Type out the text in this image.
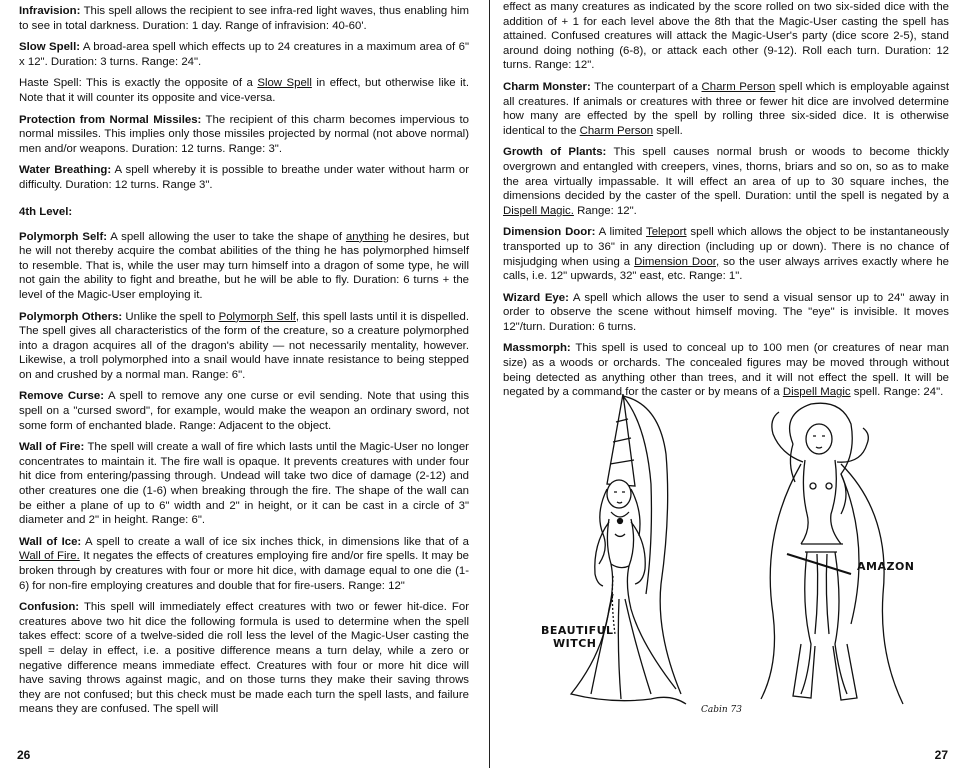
Infravision: This spell allows the recipient to see infra-red light waves, thus enabling him to see in total darkness. Duration: 1 day. Range of infravision: 40-60'.

Slow Spell: A broad-area spell which effects up to 24 creatures in a maximum area of 6" x 12". Duration: 3 turns. Range: 24".

Haste Spell: This is exactly the opposite of a Slow Spell in effect, but otherwise like it. Note that it will counter its opposite and vice-versa.

Protection from Normal Missiles: The recipient of this charm becomes impervious to normal missiles. This implies only those missiles projected by normal (not above normal) men and/or weapons. Duration: 12 turns. Range: 3".

Water Breathing: A spell whereby it is possible to breathe under water without harm or difficulty. Duration: 12 turns. Range 3".

4th Level:

Polymorph Self: A spell allowing the user to take the shape of anything he desires, but he will not thereby acquire the combat abilities of the thing he has polymorphed himself to resemble. That is, while the user may turn himself into a dragon of some type, he will not gain the ability to fight and breathe, but he will be able to fly. Duration: 6 turns + the level of the Magic-User employing it.

Polymorph Others: Unlike the spell to Polymorph Self, this spell lasts until it is dispelled. The spell gives all characteristics of the form of the creature, so a creature polymorphed into a dragon acquires all of the dragon's ability — not necessarily mentality, however. Likewise, a troll polymorphed into a snail would have innate resistance to being stepped on and crushed by a normal man. Range: 6".

Remove Curse: A spell to remove any one curse or evil sending. Note that using this spell on a "cursed sword", for example, would make the weapon an ordinary sword, not some form of enchanted blade. Range: Adjacent to the object.

Wall of Fire: The spell will create a wall of fire which lasts until the Magic-User no longer concentrates to maintain it. The fire wall is opaque. It prevents creatures with under four hit dice from entering/passing through. Undead will take two dice of damage (2-12) and other creatures one die (1-6) when breaking through the fire. The shape of the wall can be either a plane of up to 6" width and 2" in height, or it can be cast in a circle of 3" diameter and 2" in height. Range: 6".

Wall of Ice: A spell to create a wall of ice six inches thick, in dimensions like that of a Wall of Fire. It negates the effects of creatures employing fire and/or fire spells. It may be broken through by creatures with four or more hit dice, with damage equal to one die (1-6) for non-fire employing creatures and double that for fire-users. Range: 12"

Confusion: This spell will immediately effect creatures with two or fewer hit-dice. For creatures above two hit dice the following formula is used to determine when the spell takes effect: score of a twelve-sided die roll less the level of the Magic-User casting the spell = delay in effect, i.e. a positive difference means a turn delay, while a zero or negative difference means immediate effect. Creatures with four or more hit dice will have saving throws against magic, and on those turns they make their saving throws they are not confused; but this check must be made each turn the spell lasts, and failure means they are confused. The spell will

26

effect as many creatures as indicated by the score rolled on two six-sided dice with the addition of + 1 for each level above the 8th that the Magic-User casting the spell has attained. Confused creatures will attack the Magic-User's party (dice score 2-5), stand around doing nothing (6-8), or attack each other (9-12). Roll each turn. Duration: 12 turns. Range: 12".

Charm Monster: The counterpart of a Charm Person spell which is employable against all creatures. If animals or creatures with three or fewer hit dice are involved determine how many are effected by the spell by rolling three six-sided dice. It is otherwise identical to the Charm Person spell.

Growth of Plants: This spell causes normal brush or woods to become thickly overgrown and entangled with creepers, vines, thorns, briars and so on, so as to make the area virtually impassable. It will effect an area of up to 30 square inches, the dimensions decided by the caster of the spell. Duration: until the spell is negated by a Dispell Magic. Range: 12".

Dimension Door: A limited Teleport spell which allows the object to be instantaneously transported up to 36" in any direction (including up or down). There is no chance of misjudging when using a Dimension Door, so the user always arrives exactly where he calls, i.e. 12" upwards, 32" east, etc. Range: 1".

Wizard Eye: A spell which allows the user to send a visual sensor up to 24" away in order to observe the scene without himself moving. The "eye" is invisible. It moves 12"/turn. Duration: 6 turns.

Massmorph: This spell is used to conceal up to 100 men (or creatures of near man size) as a woods or orchards. The concealed figures may be moved through without being detected as anything other than trees, and it will not effect the spell. It will be negated by a command for the caster or by means of a Dispell Magic spell. Range: 24".

BEAUTIFUL
WITCH
AMAZON
Cabin 73
27
